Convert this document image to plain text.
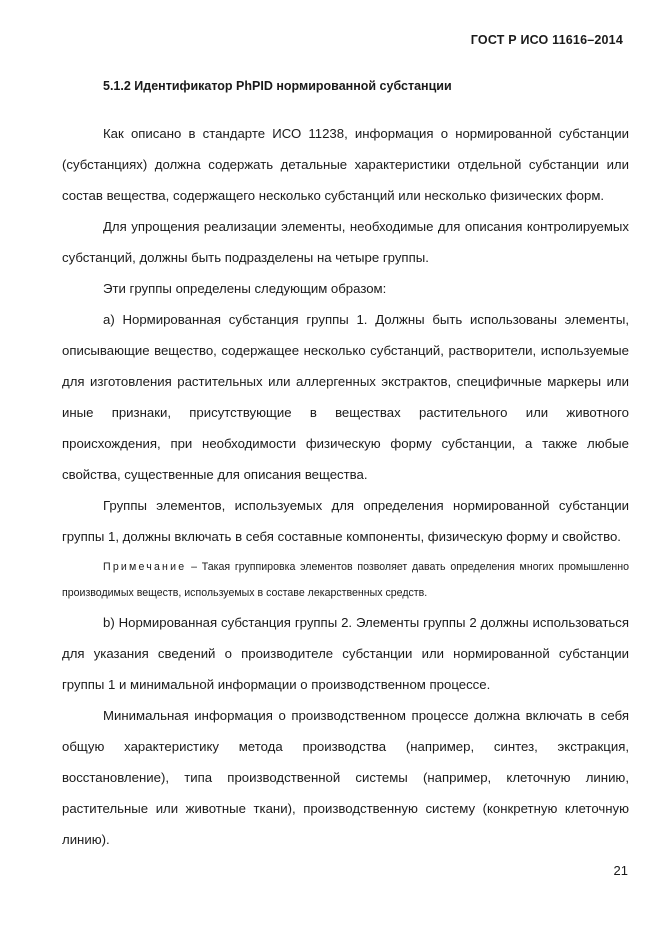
ГОСТ Р ИСО 11616–2014
5.1.2 Идентификатор PhPID нормированной субстанции

Как описано в стандарте ИСО 11238, информация о нормированной субстанции (субстанциях) должна содержать детальные характеристики отдельной субстанции или состав вещества, содержащего несколько субстанций или несколько физических форм.

Для упрощения реализации элементы, необходимые для описания контролируемых субстанций, должны быть подразделены на четыре группы.

Эти группы определены следующим образом:

а) Нормированная субстанция группы 1. Должны быть использованы элементы, описывающие вещество, содержащее несколько субстанций, растворители, используемые для изготовления растительных или аллергенных экстрактов, специфичные маркеры или иные признаки, присутствующие в веществах растительного или животного происхождения, при необходимости физическую форму субстанции, а также любые свойства, существенные для описания вещества.

Группы элементов, используемых для определения нормированной субстанции группы 1, должны включать в себя составные компоненты, физическую форму и свойство.

Примечание – Такая группировка элементов позволяет давать определения многих промышленно производимых веществ, используемых в составе лекарственных средств.

b) Нормированная субстанция группы 2. Элементы группы 2 должны использоваться для указания сведений о производителе субстанции или нормированной субстанции группы 1 и минимальной информации о производственном процессе.

Минимальная информация о производственном процессе должна включать в себя общую характеристику метода производства (например, синтез, экстракция, восстановление), типа производственной системы (например, клеточную линию, растительные или животные ткани), производственную систему (конкретную клеточную линию).

21
